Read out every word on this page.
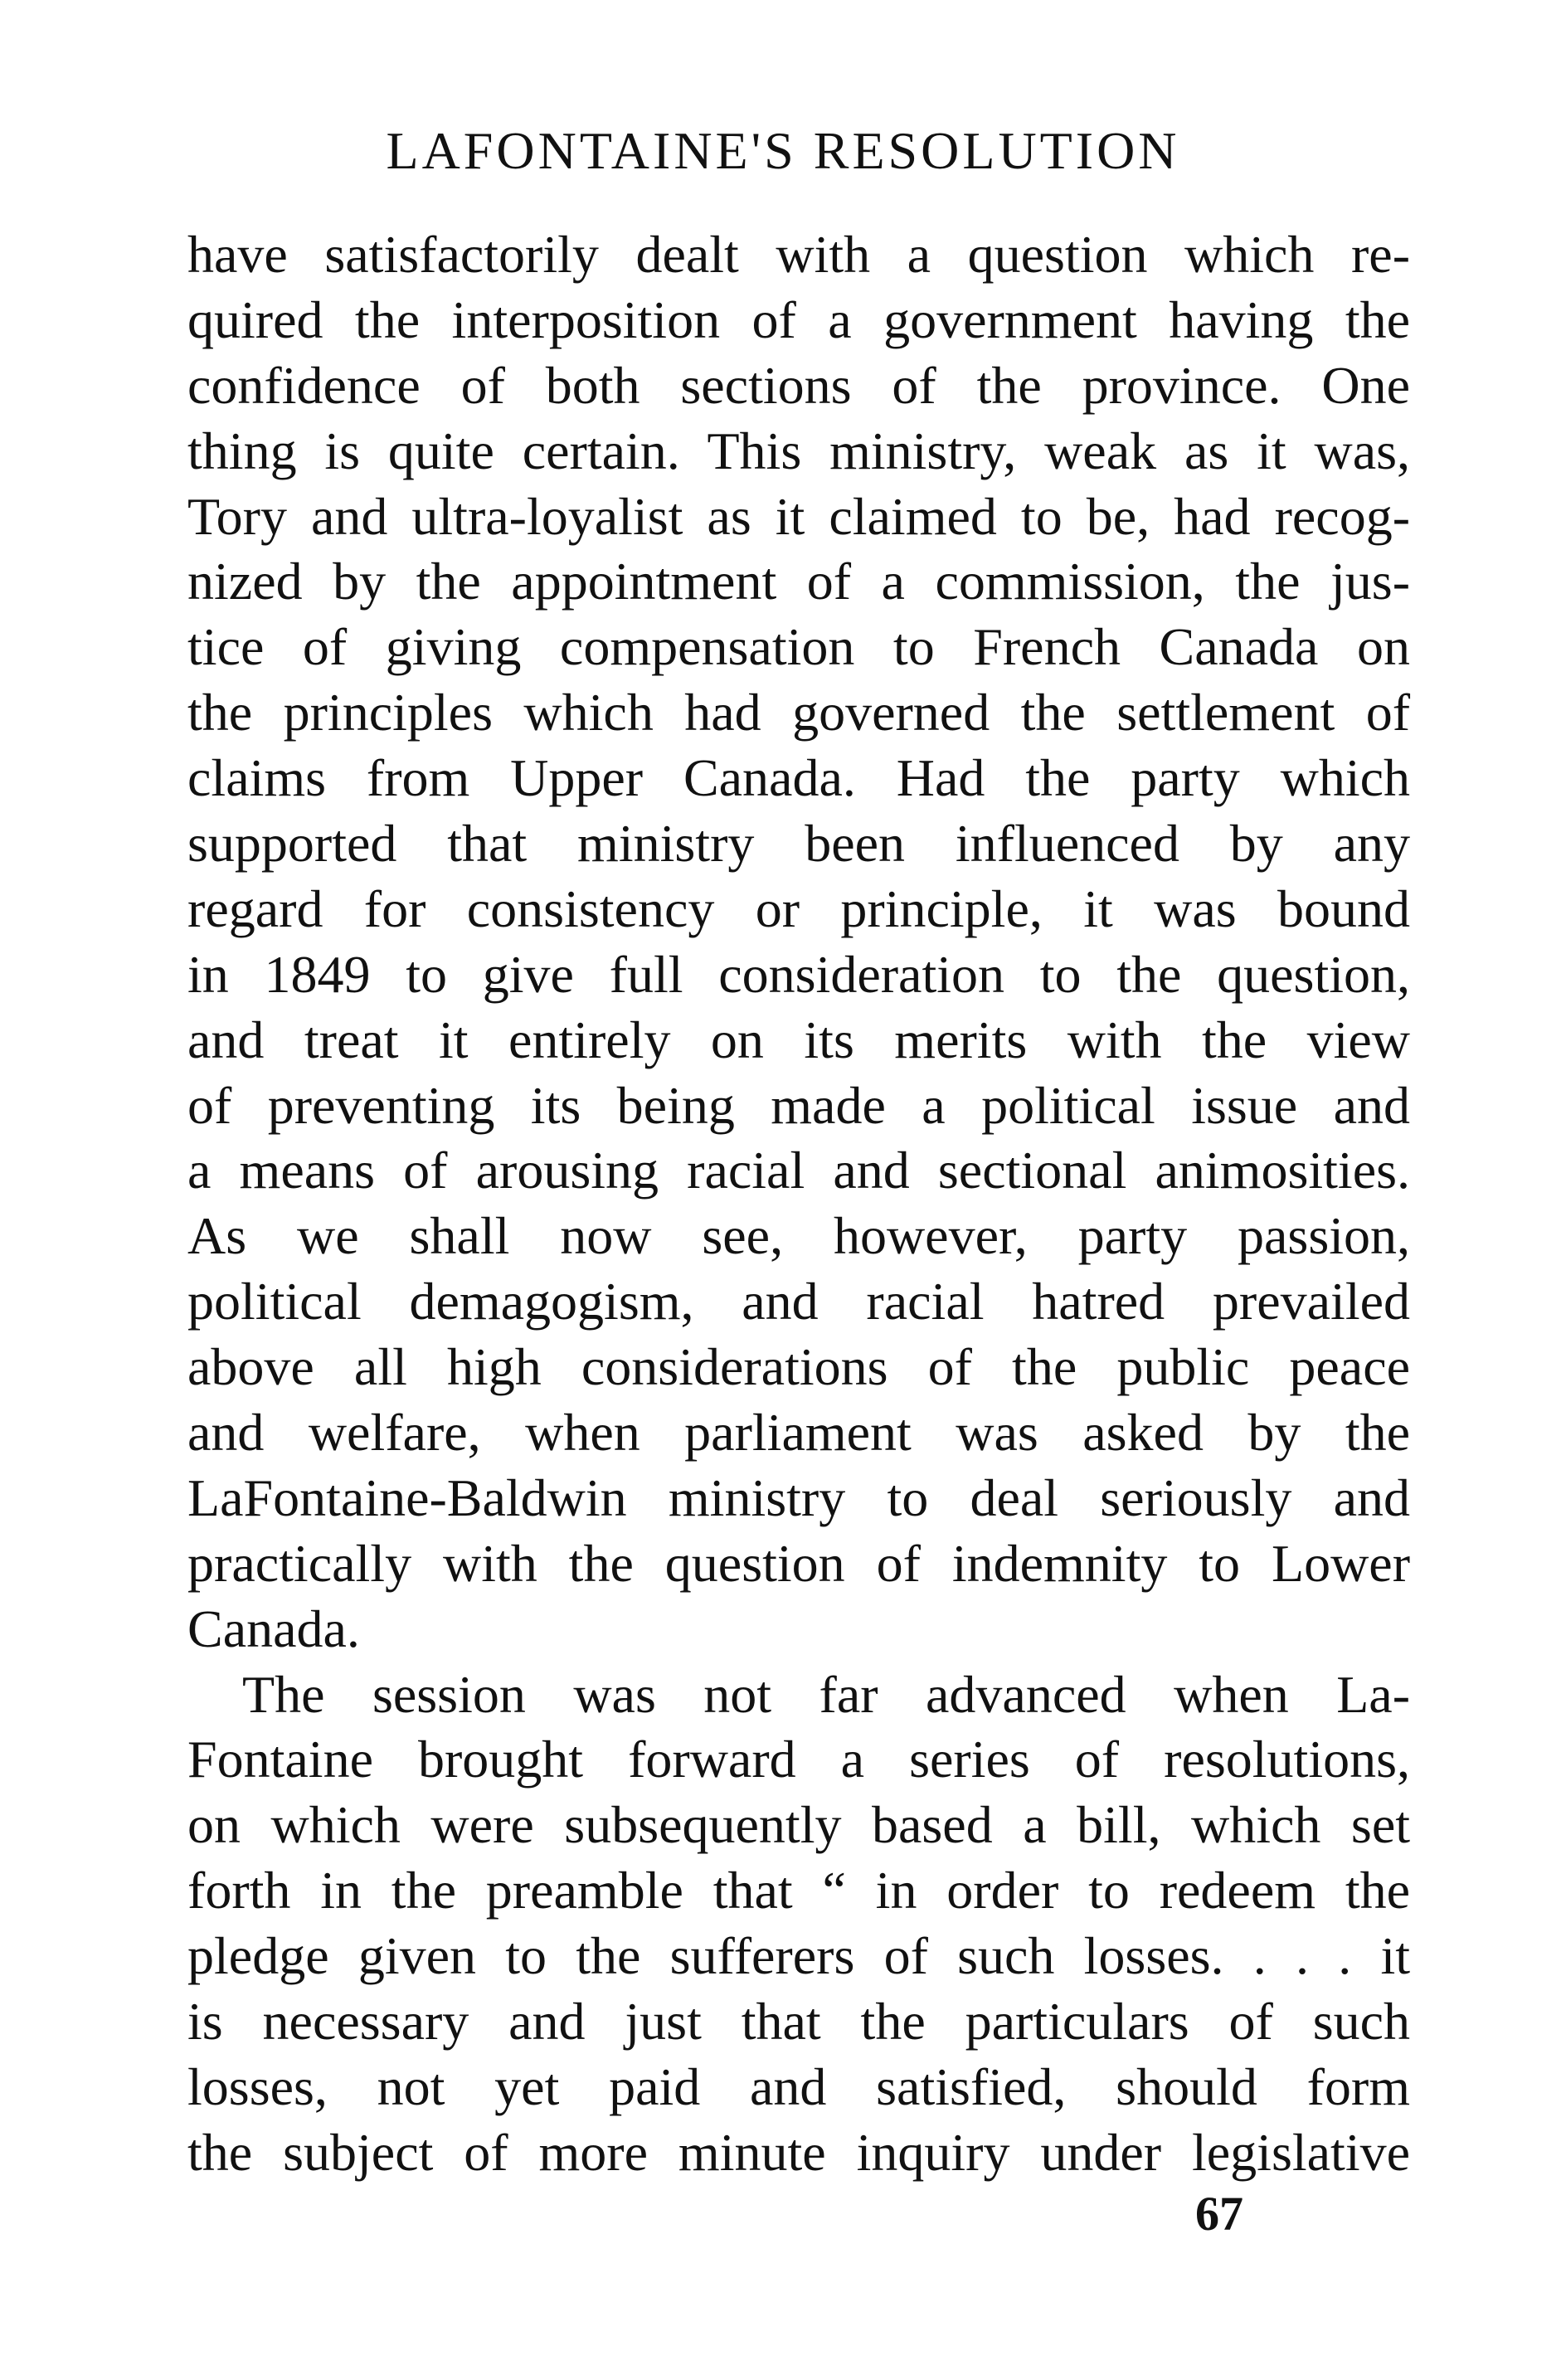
LAFONTAINE'S RESOLUTION
have satisfactorily dealt with a question which re-
quired the interposition of a government having the
confidence of both sections of the province. One
thing is quite certain. This ministry, weak as it was,
Tory and ultra-loyalist as it claimed to be, had recog-
nized by the appointment of a commission, the jus-
tice of giving compensation to French Canada on
the principles which had governed the settlement of
claims from Upper Canada. Had the party which
supported that ministry been influenced by any
regard for consistency or principle, it was bound
in 1849 to give full consideration to the question,
and treat it entirely on its merits with the view
of preventing its being made a political issue and
a means of arousing racial and sectional animosities.
As we shall now see, however, party passion,
political demagogism, and racial hatred prevailed
above all high considerations of the public peace
and welfare, when parliament was asked by the
LaFontaine-Baldwin ministry to deal seriously and
practically with the question of indemnity to Lower
Canada.
The session was not far advanced when La-
Fontaine brought forward a series of resolutions,
on which were subsequently based a bill, which set
forth in the preamble that “ in order to redeem the
pledge given to the sufferers of such losses. . . . it
is necessary and just that the particulars of such
losses, not yet paid and satisfied, should form
the subject of more minute inquiry under legislative
67
